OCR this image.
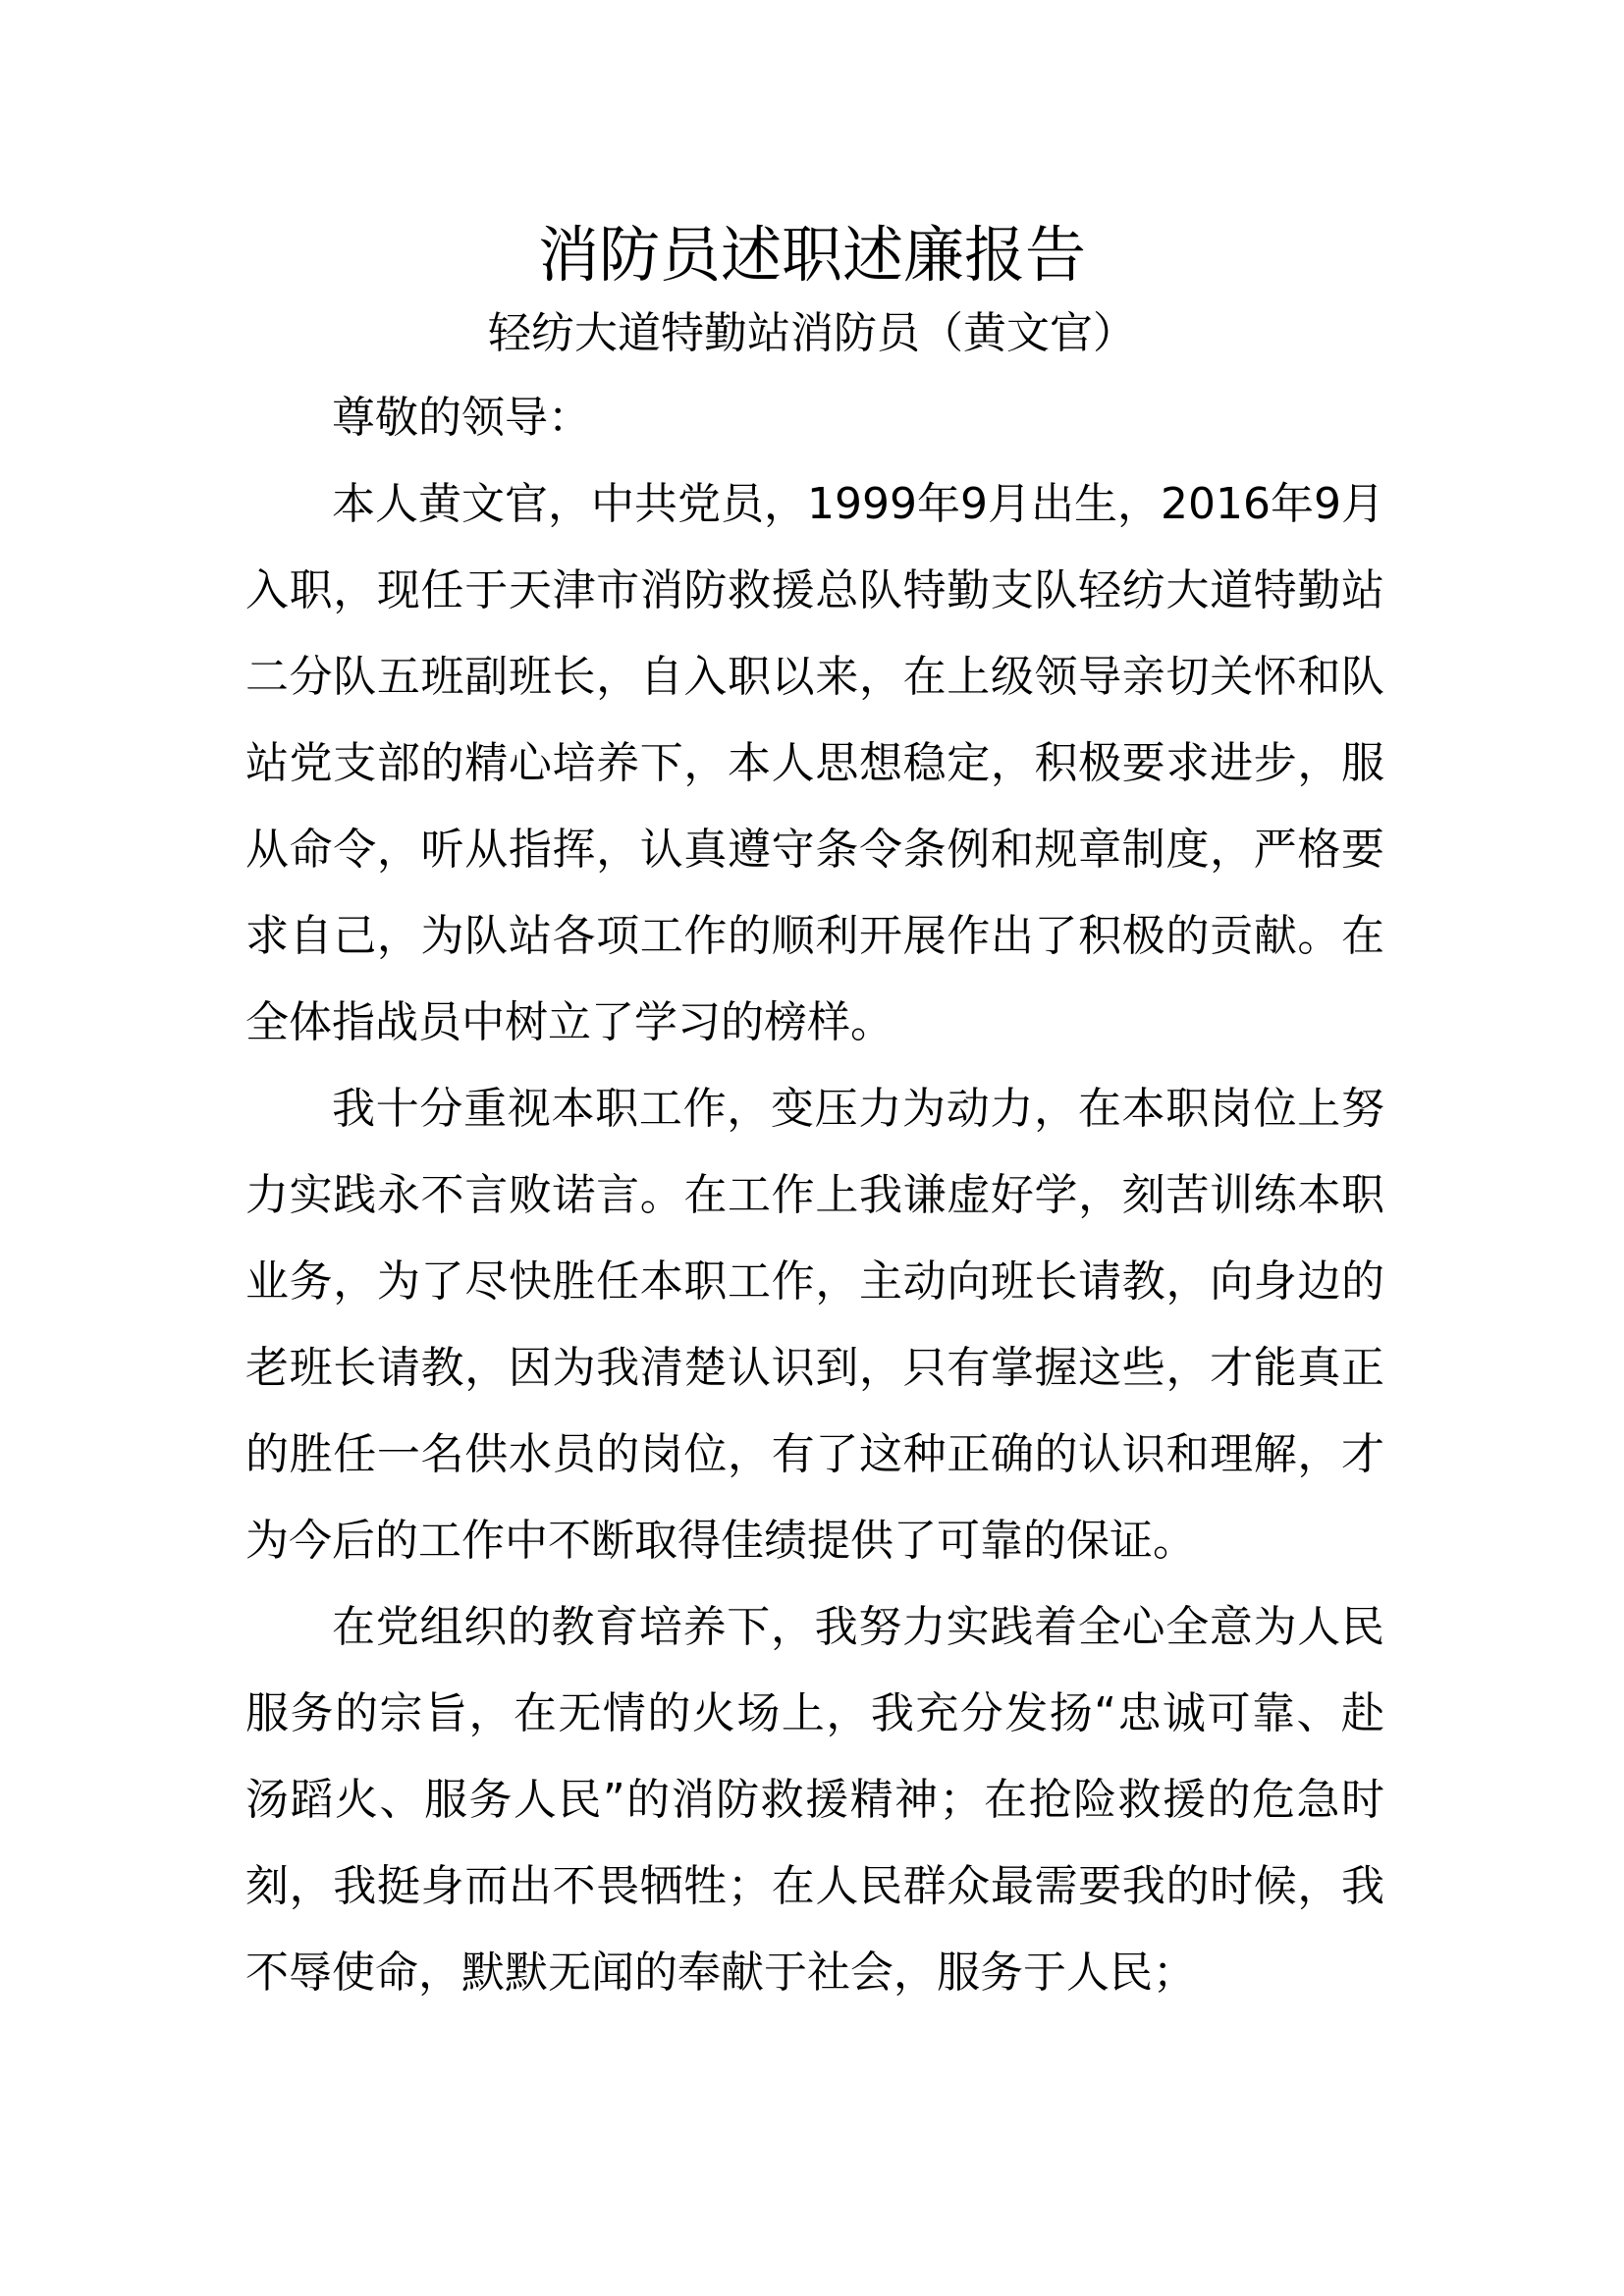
消防员述职述廉报告
轻纺大道特勤站消防员（黄文官）

尊敬的领导：

本人黄文官，中共党员，1999年9月出生，2016年9月入职，现任于天津市消防救援总队特勤支队轻纺大道特勤站二分队五班副班长，自入职以来，在上级领导亲切关怀和队站党支部的精心培养下，本人思想稳定，积极要求进步，服从命令，听从指挥，认真遵守条令条例和规章制度，严格要求自己，为队站各项工作的顺利开展作出了积极的贡献。在全体指战员中树立了学习的榜样。

我十分重视本职工作，变压力为动力，在本职岗位上努力实践永不言败诺言。在工作上我谦虚好学，刻苦训练本职业务，为了尽快胜任本职工作，主动向班长请教，向身边的老班长请教，因为我清楚认识到，只有掌握这些，才能真正的胜任一名供水员的岗位，有了这种正确的认识和理解，才为今后的工作中不断取得佳绩提供了可靠的保证。

在党组织的教育培养下，我努力实践着全心全意为人民服务的宗旨，在无情的火场上，我充分发扬“忠诚可靠、赴汤蹈火、服务人民”的消防救援精神；在抢险救援的危急时刻，我挺身而出不畏牺牲；在人民群众最需要我的时候，我不辱使命，默默无闻的奉献于社会，服务于人民；
